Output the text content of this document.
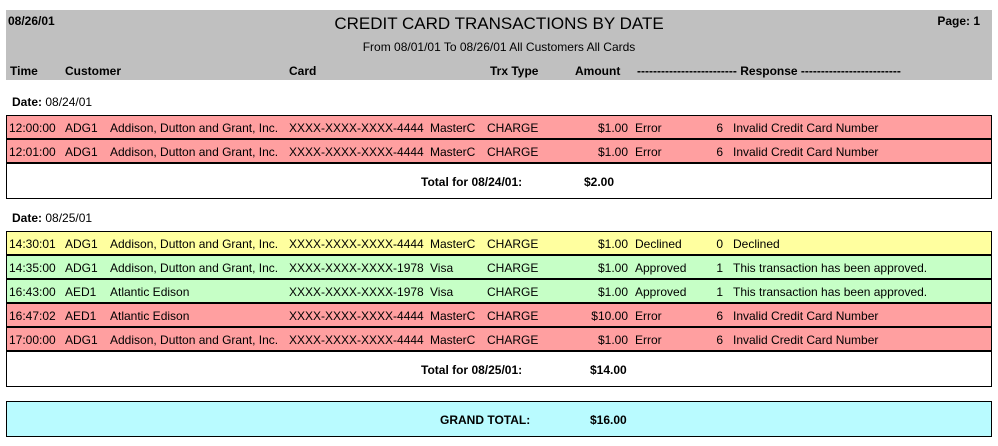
08/26/01	CREDIT CARD TRANSACTIONS BY DATE	Page: 1
From 08/01/01 To 08/26/01 All Customers All Cards
Time Customer	Card	Trx Type	Amount ------------------------- Response -------------------------
Date: 08/24/01
12:00:00 ADG1 Addison, Dutton and Grant, Inc. XXXX-XXXX-XXXX-4444 MasterC CHARGE	$1.00 Error	6 Invalid Credit Card Number
12:01:00 ADG1 Addison, Dutton and Grant, Inc. XXXX-XXXX-XXXX-4444 MasterC CHARGE	$1.00 Error	6 Invalid Credit Card Number
Total for 08/24/01:	$2.00
Date: 08/25/01
14:30:01 ADG1 Addison, Dutton and Grant, Inc. XXXX-XXXX-XXXX-4444 MasterC CHARGE	$1.00 Declined	0 Declined
14:35:00 ADG1 Addison, Dutton and Grant, Inc. XXXX-XXXX-XXXX-1978 Visa	CHARGE	$1.00 Approved	1 This transaction has been approved.
16:43:00 AED1 Atlantic Edison	XXXX-XXXX-XXXX-1978 Visa	CHARGE	$1.00 Approved	1 This transaction has been approved.
16:47:02 AED1 Atlantic Edison	XXXX-XXXX-XXXX-4444 MasterC CHARGE	$10.00 Error	6 Invalid Credit Card Number
17:00:00 ADG1 Addison, Dutton and Grant, Inc. XXXX-XXXX-XXXX-4444 MasterC CHARGE	$1.00 Error	6 Invalid Credit Card Number
Total for 08/25/01:	$14.00
GRAND TOTAL:	$16.00
